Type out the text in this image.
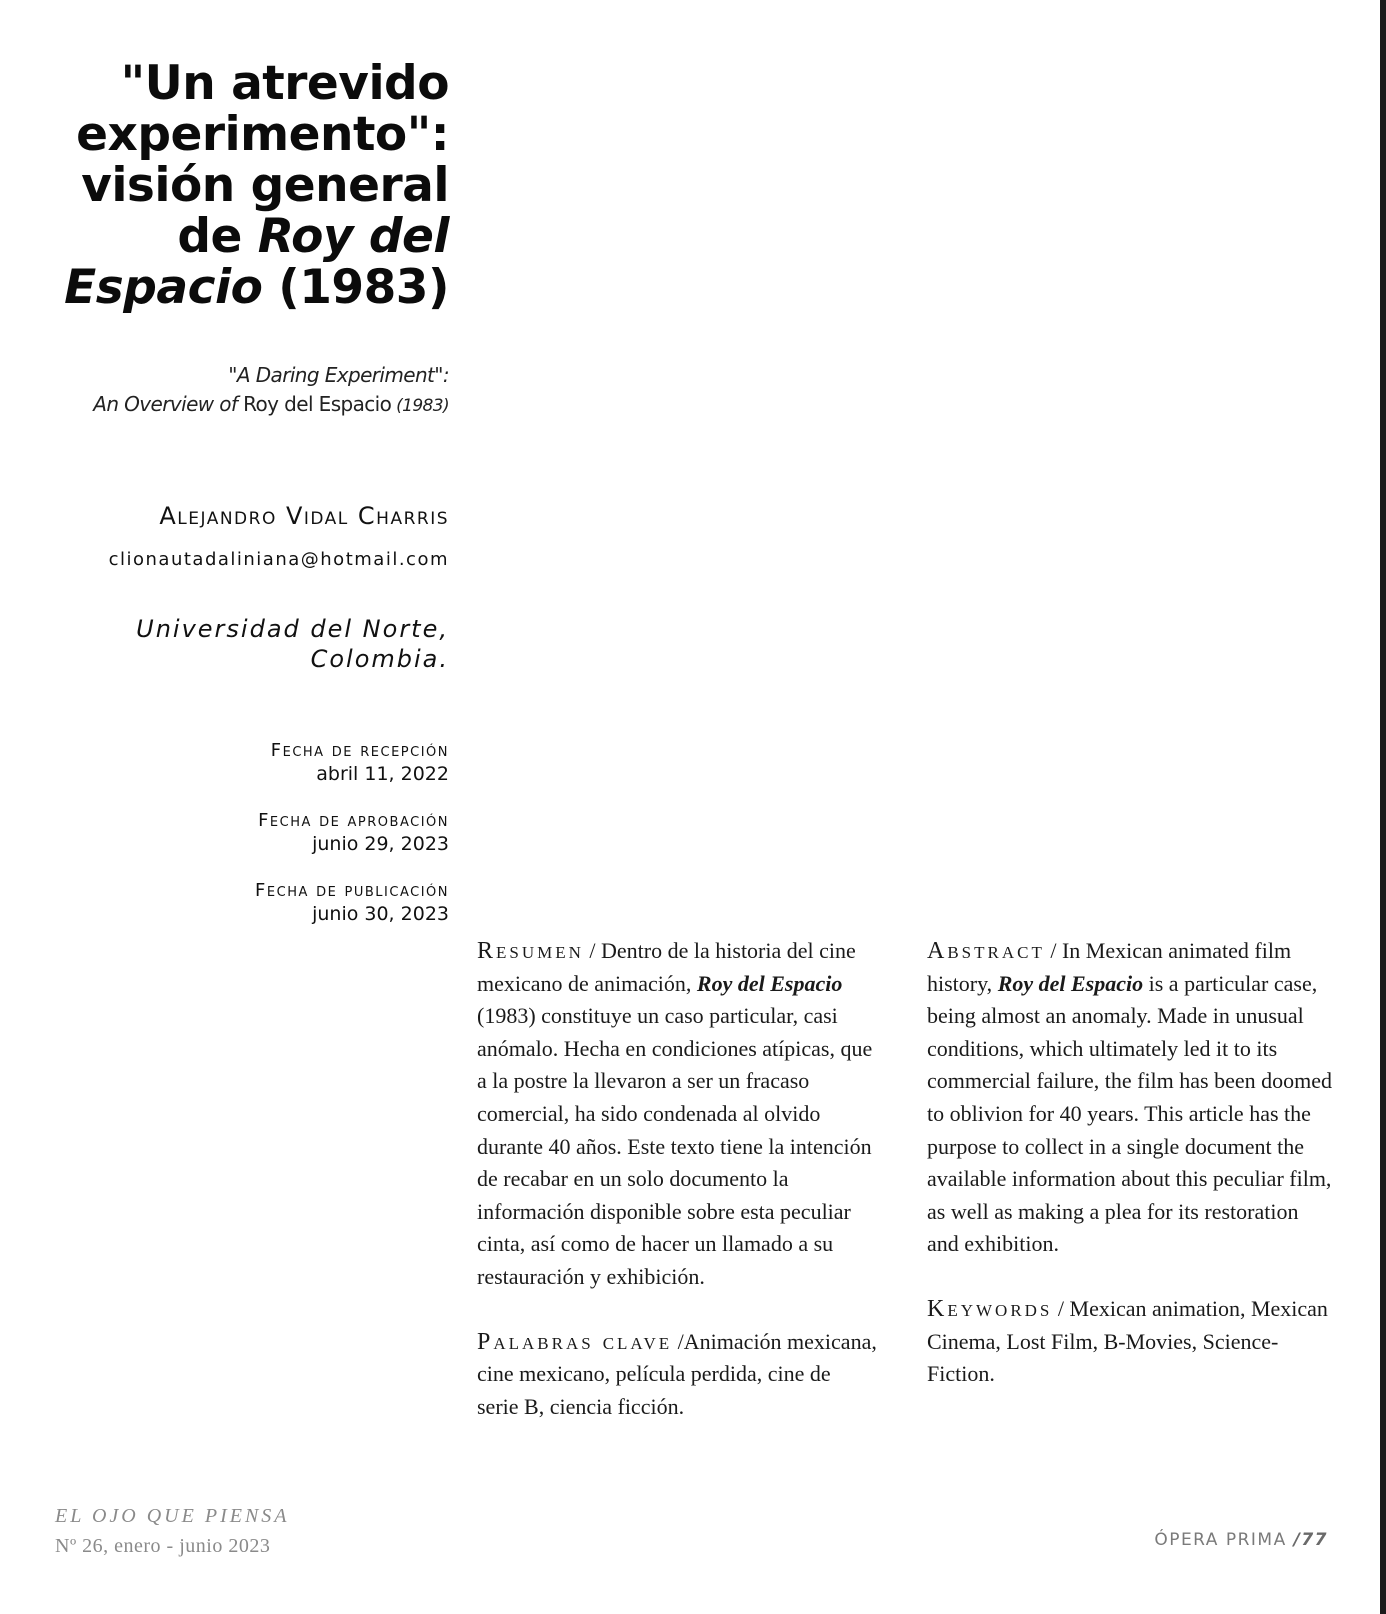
"Un atrevido
experimento":
visión general
de Roy del
Espacio (1983)
"A Daring Experiment":
An Overview of Roy del Espacio (1983)
Alejandro Vidal Charris
clionautadaliniana@hotmail.com
Universidad del Norte,
Colombia.
Fecha de recepción
abril 11, 2022
Fecha de aprobación
junio 29, 2023
Fecha de publicación
junio 30, 2023

Resumen / Dentro de la historia del cine mexicano de animación, Roy del Espacio (1983) constituye un caso particular, casi anómalo. Hecha en condiciones atípicas, que a la postre la llevaron a ser un fracaso comercial, ha sido condenada al olvido durante 40 años. Este texto tiene la intención de recabar en un solo documento la información disponible sobre esta peculiar cinta, así como de hacer un llamado a su restauración y exhibición.

Palabras clave /Animación mexicana, cine mexicano, película perdida, cine de serie B, ciencia ficción.

Abstract / In Mexican animated film history, Roy del Espacio is a particular case, being almost an anomaly. Made in unusual conditions, which ultimately led it to its commercial failure, the film has been doomed to oblivion for 40 years. This article has the purpose to collect in a single document the available information about this peculiar film, as well as making a plea for its restoration and exhibition.

Keywords / Mexican animation, Mexican Cinema, Lost Film, B-Movies, Science-Fiction.

EL OJO QUE PIENSA
Nº 26, enero - junio 2023	ÓPERA PRIMA /77
